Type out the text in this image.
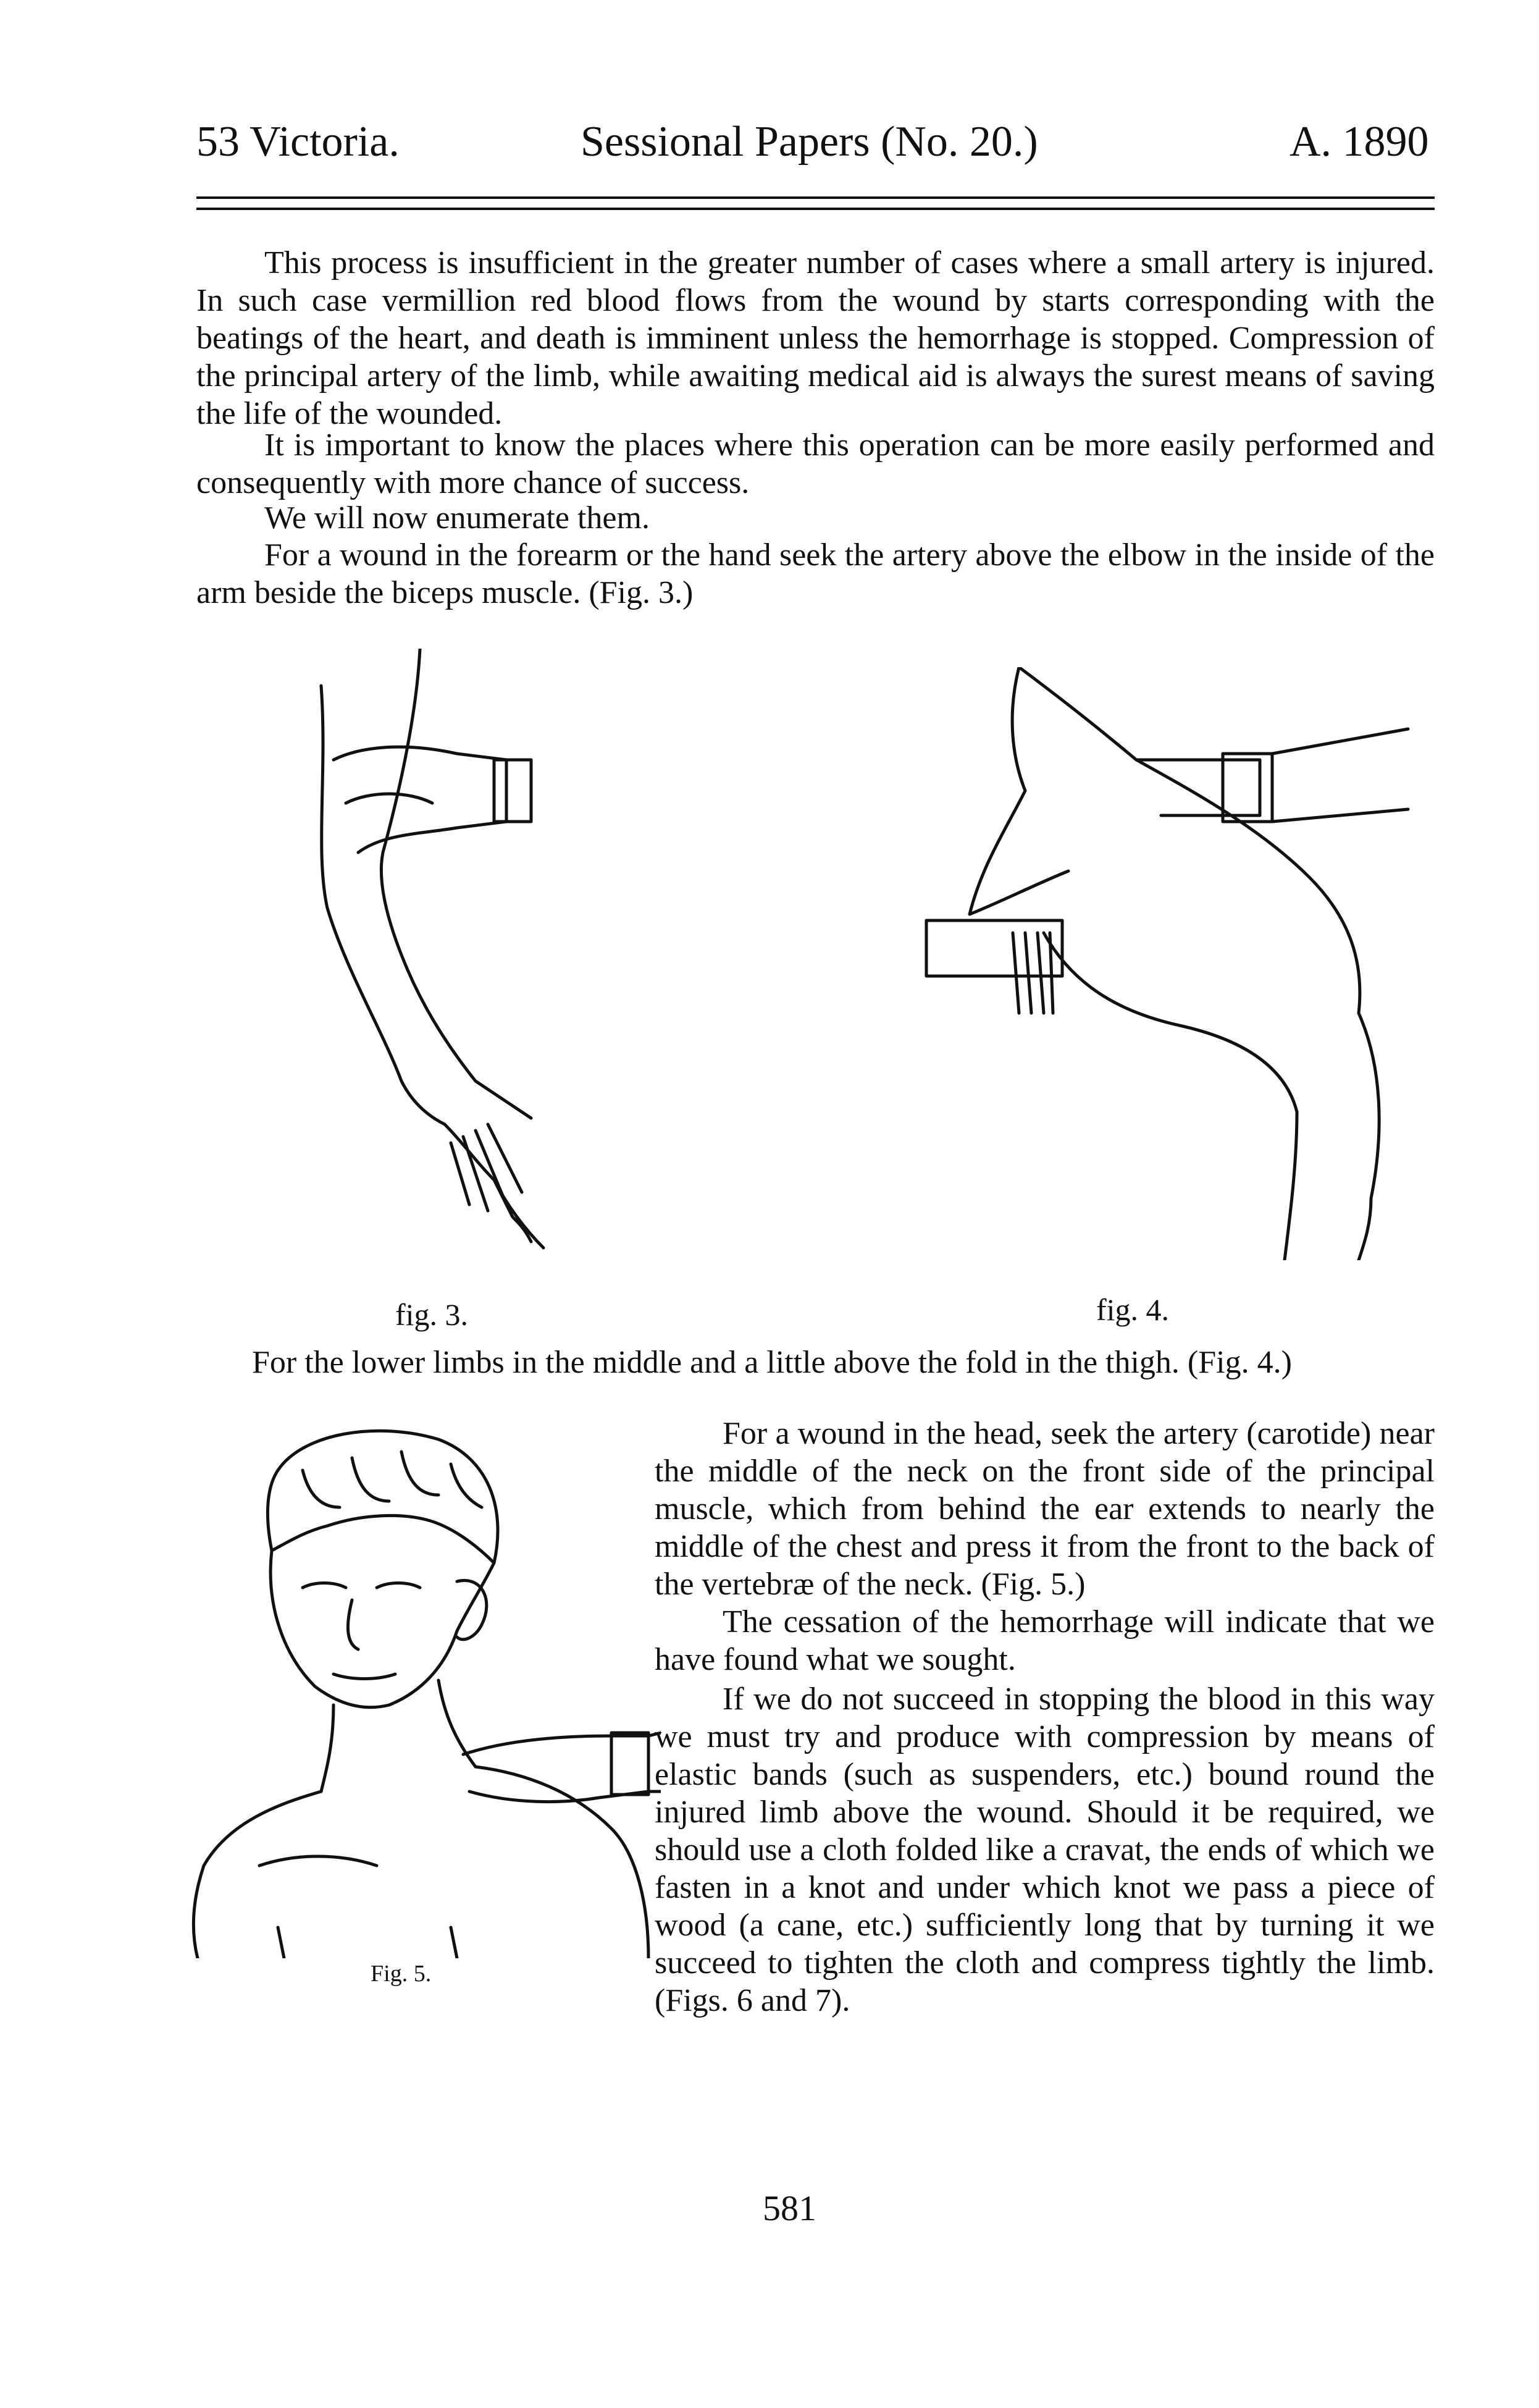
53 Victoria.	Sessional Papers (No. 20.)	A. 1890

This process is insufficient in the greater number of cases where a small artery is injured. In such case vermillion red blood flows from the wound by starts corresponding with the beatings of the heart, and death is imminent unless the hemorrhage is stopped. Compression of the principal artery of the limb, while awaiting medical aid is always the surest means of saving the life of the wounded.

It is important to know the places where this operation can be more easily performed and consequently with more chance of success.

We will now enumerate them.

For a wound in the forearm or the hand seek the artery above the elbow in the inside of the arm beside the biceps muscle. (Fig. 3.)

fig. 3.	fig. 4.

For the lower limbs in the middle and a little above the fold in the thigh. (Fig. 4.)

Fig. 5.

For a wound in the head, seek the artery (carotide) near the middle of the neck on the front side of the principal muscle, which from behind the ear extends to nearly the middle of the chest and press it from the front to the back of the vertebræ of the neck. (Fig. 5.)

The cessation of the hemorrhage will indicate that we have found what we sought.

If we do not succeed in stopping the blood in this way we must try and produce with compression by means of elastic bands (such as suspenders, etc.) bound round the injured limb above the wound. Should it be required, we should use a cloth folded like a cravat, the ends of which we fasten in a knot and under which knot we pass a piece of wood (a cane, etc.) sufficiently long that by turning it we succeed to tighten the cloth and compress tightly the limb. (Figs. 6 and 7).

581
